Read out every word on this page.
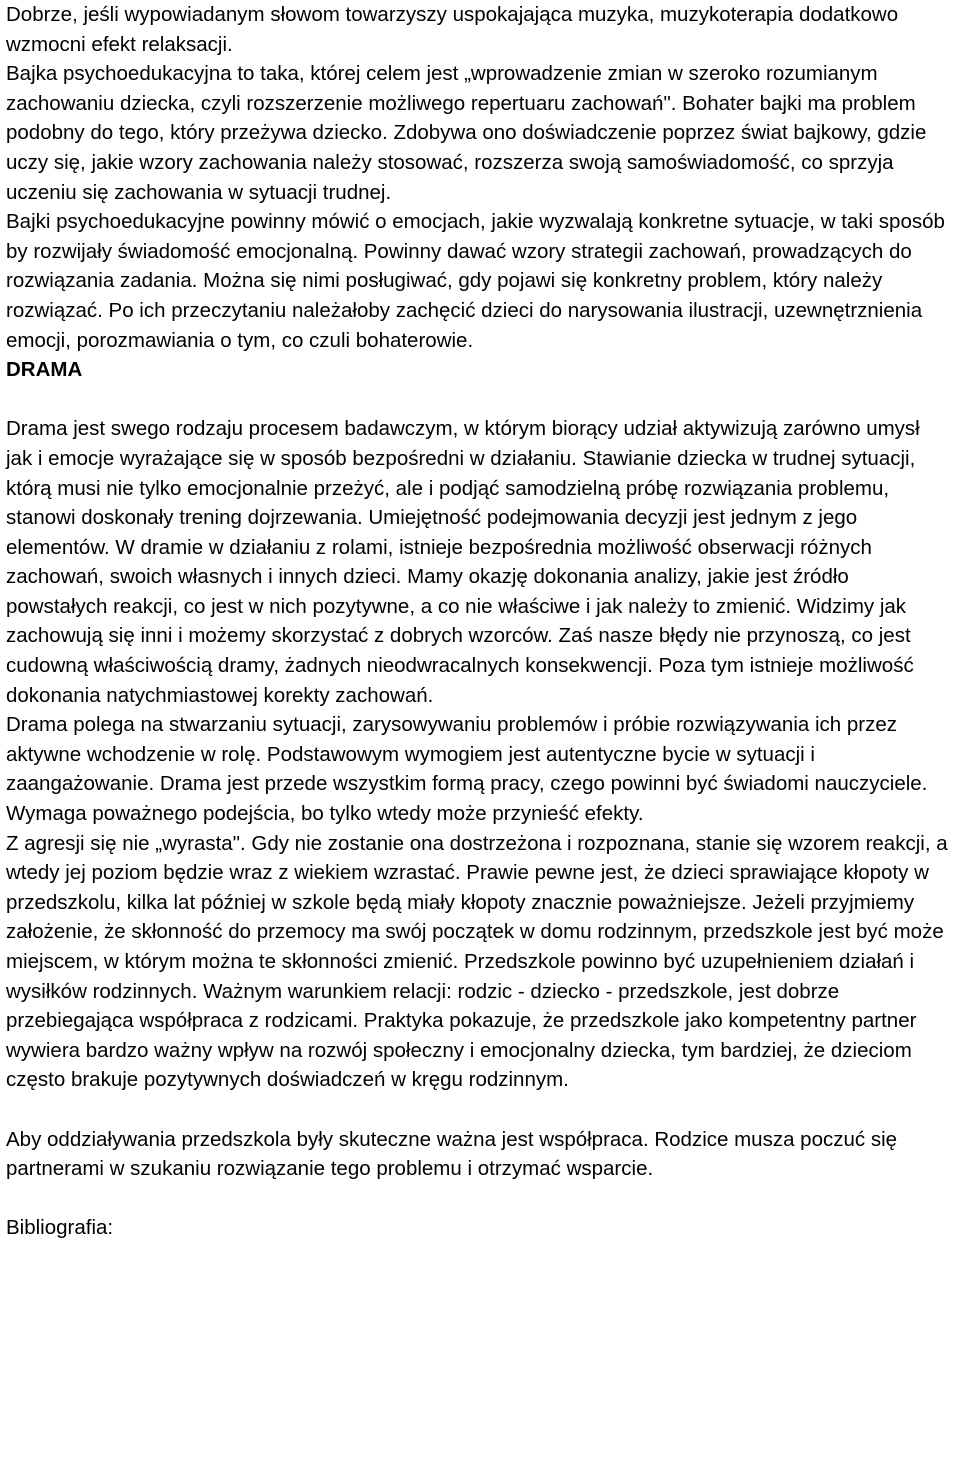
Dobrze, jeśli wypowiadanym słowom towarzyszy uspokajająca muzyka, muzykoterapia dodatkowo wzmocni efekt relaksacji.

Bajka psychoedukacyjna to taka, której celem jest „wprowadzenie zmian w szeroko rozumianym zachowaniu dziecka, czyli rozszerzenie możliwego repertuaru zachowań". Bohater bajki ma problem podobny do tego, który przeżywa dziecko. Zdobywa ono doświadczenie poprzez świat bajkowy, gdzie uczy się, jakie wzory zachowania należy stosować, rozszerza swoją samoświadomość, co sprzyja uczeniu się zachowania w sytuacji trudnej.

Bajki psychoedukacyjne powinny mówić o emocjach, jakie wyzwalają konkretne sytuacje, w taki sposób by rozwijały świadomość emocjonalną. Powinny dawać wzory strategii zachowań, prowadzących do rozwiązania zadania. Można się nimi posługiwać, gdy pojawi się konkretny problem, który należy rozwiązać. Po ich przeczytaniu należałoby zachęcić dzieci do narysowania ilustracji, uzewnętrznienia emocji, porozmawiania o tym, co czuli bohaterowie.

DRAMA

Drama jest swego rodzaju procesem badawczym, w którym biorący udział aktywizują zarówno umysł jak i emocje wyrażające się w sposób bezpośredni w działaniu. Stawianie dziecka w trudnej sytuacji, którą musi nie tylko emocjonalnie przeżyć, ale i podjąć samodzielną próbę rozwiązania problemu, stanowi doskonały trening dojrzewania. Umiejętność podejmowania decyzji jest jednym z jego elementów. W dramie w działaniu z rolami, istnieje bezpośrednia możliwość obserwacji różnych zachowań, swoich własnych i innych dzieci. Mamy okazję dokonania analizy, jakie jest źródło powstałych reakcji, co jest w nich pozytywne, a co nie właściwe i jak należy to zmienić. Widzimy jak zachowują się inni i możemy skorzystać z dobrych wzorców. Zaś nasze błędy nie przynoszą, co jest cudowną właściwością dramy, żadnych nieodwracalnych konsekwencji. Poza tym istnieje możliwość dokonania natychmiastowej korekty zachowań.

Drama polega na stwarzaniu sytuacji, zarysowywaniu problemów i próbie rozwiązywania ich przez aktywne wchodzenie w rolę. Podstawowym wymogiem jest autentyczne bycie w sytuacji i zaangażowanie. Drama jest przede wszystkim formą pracy, czego powinni być świadomi nauczyciele. Wymaga poważnego podejścia, bo tylko wtedy może przynieść efekty.

Z agresji się nie „wyrasta". Gdy nie zostanie ona dostrzeżona i rozpoznana, stanie się wzorem reakcji, a wtedy jej poziom będzie wraz z wiekiem wzrastać. Prawie pewne jest, że dzieci sprawiające kłopoty w przedszkolu, kilka lat później w szkole będą miały kłopoty znacznie poważniejsze. Jeżeli przyjmiemy założenie, że skłonność do przemocy ma swój początek w domu rodzinnym, przedszkole jest być może miejscem, w którym można te skłonności zmienić. Przedszkole powinno być uzupełnieniem działań i wysiłków rodzinnych. Ważnym warunkiem relacji: rodzic - dziecko - przedszkole, jest dobrze przebiegająca współpraca z rodzicami. Praktyka pokazuje, że przedszkole jako kompetentny partner wywiera bardzo ważny wpływ na rozwój społeczny i emocjonalny dziecka, tym bardziej, że dzieciom często brakuje pozytywnych doświadczeń w kręgu rodzinnym.

Aby oddziaływania przedszkola były skuteczne ważna jest współpraca. Rodzice musza poczuć się partnerami w szukaniu rozwiązanie tego problemu i otrzymać wsparcie.

Bibliografia:
